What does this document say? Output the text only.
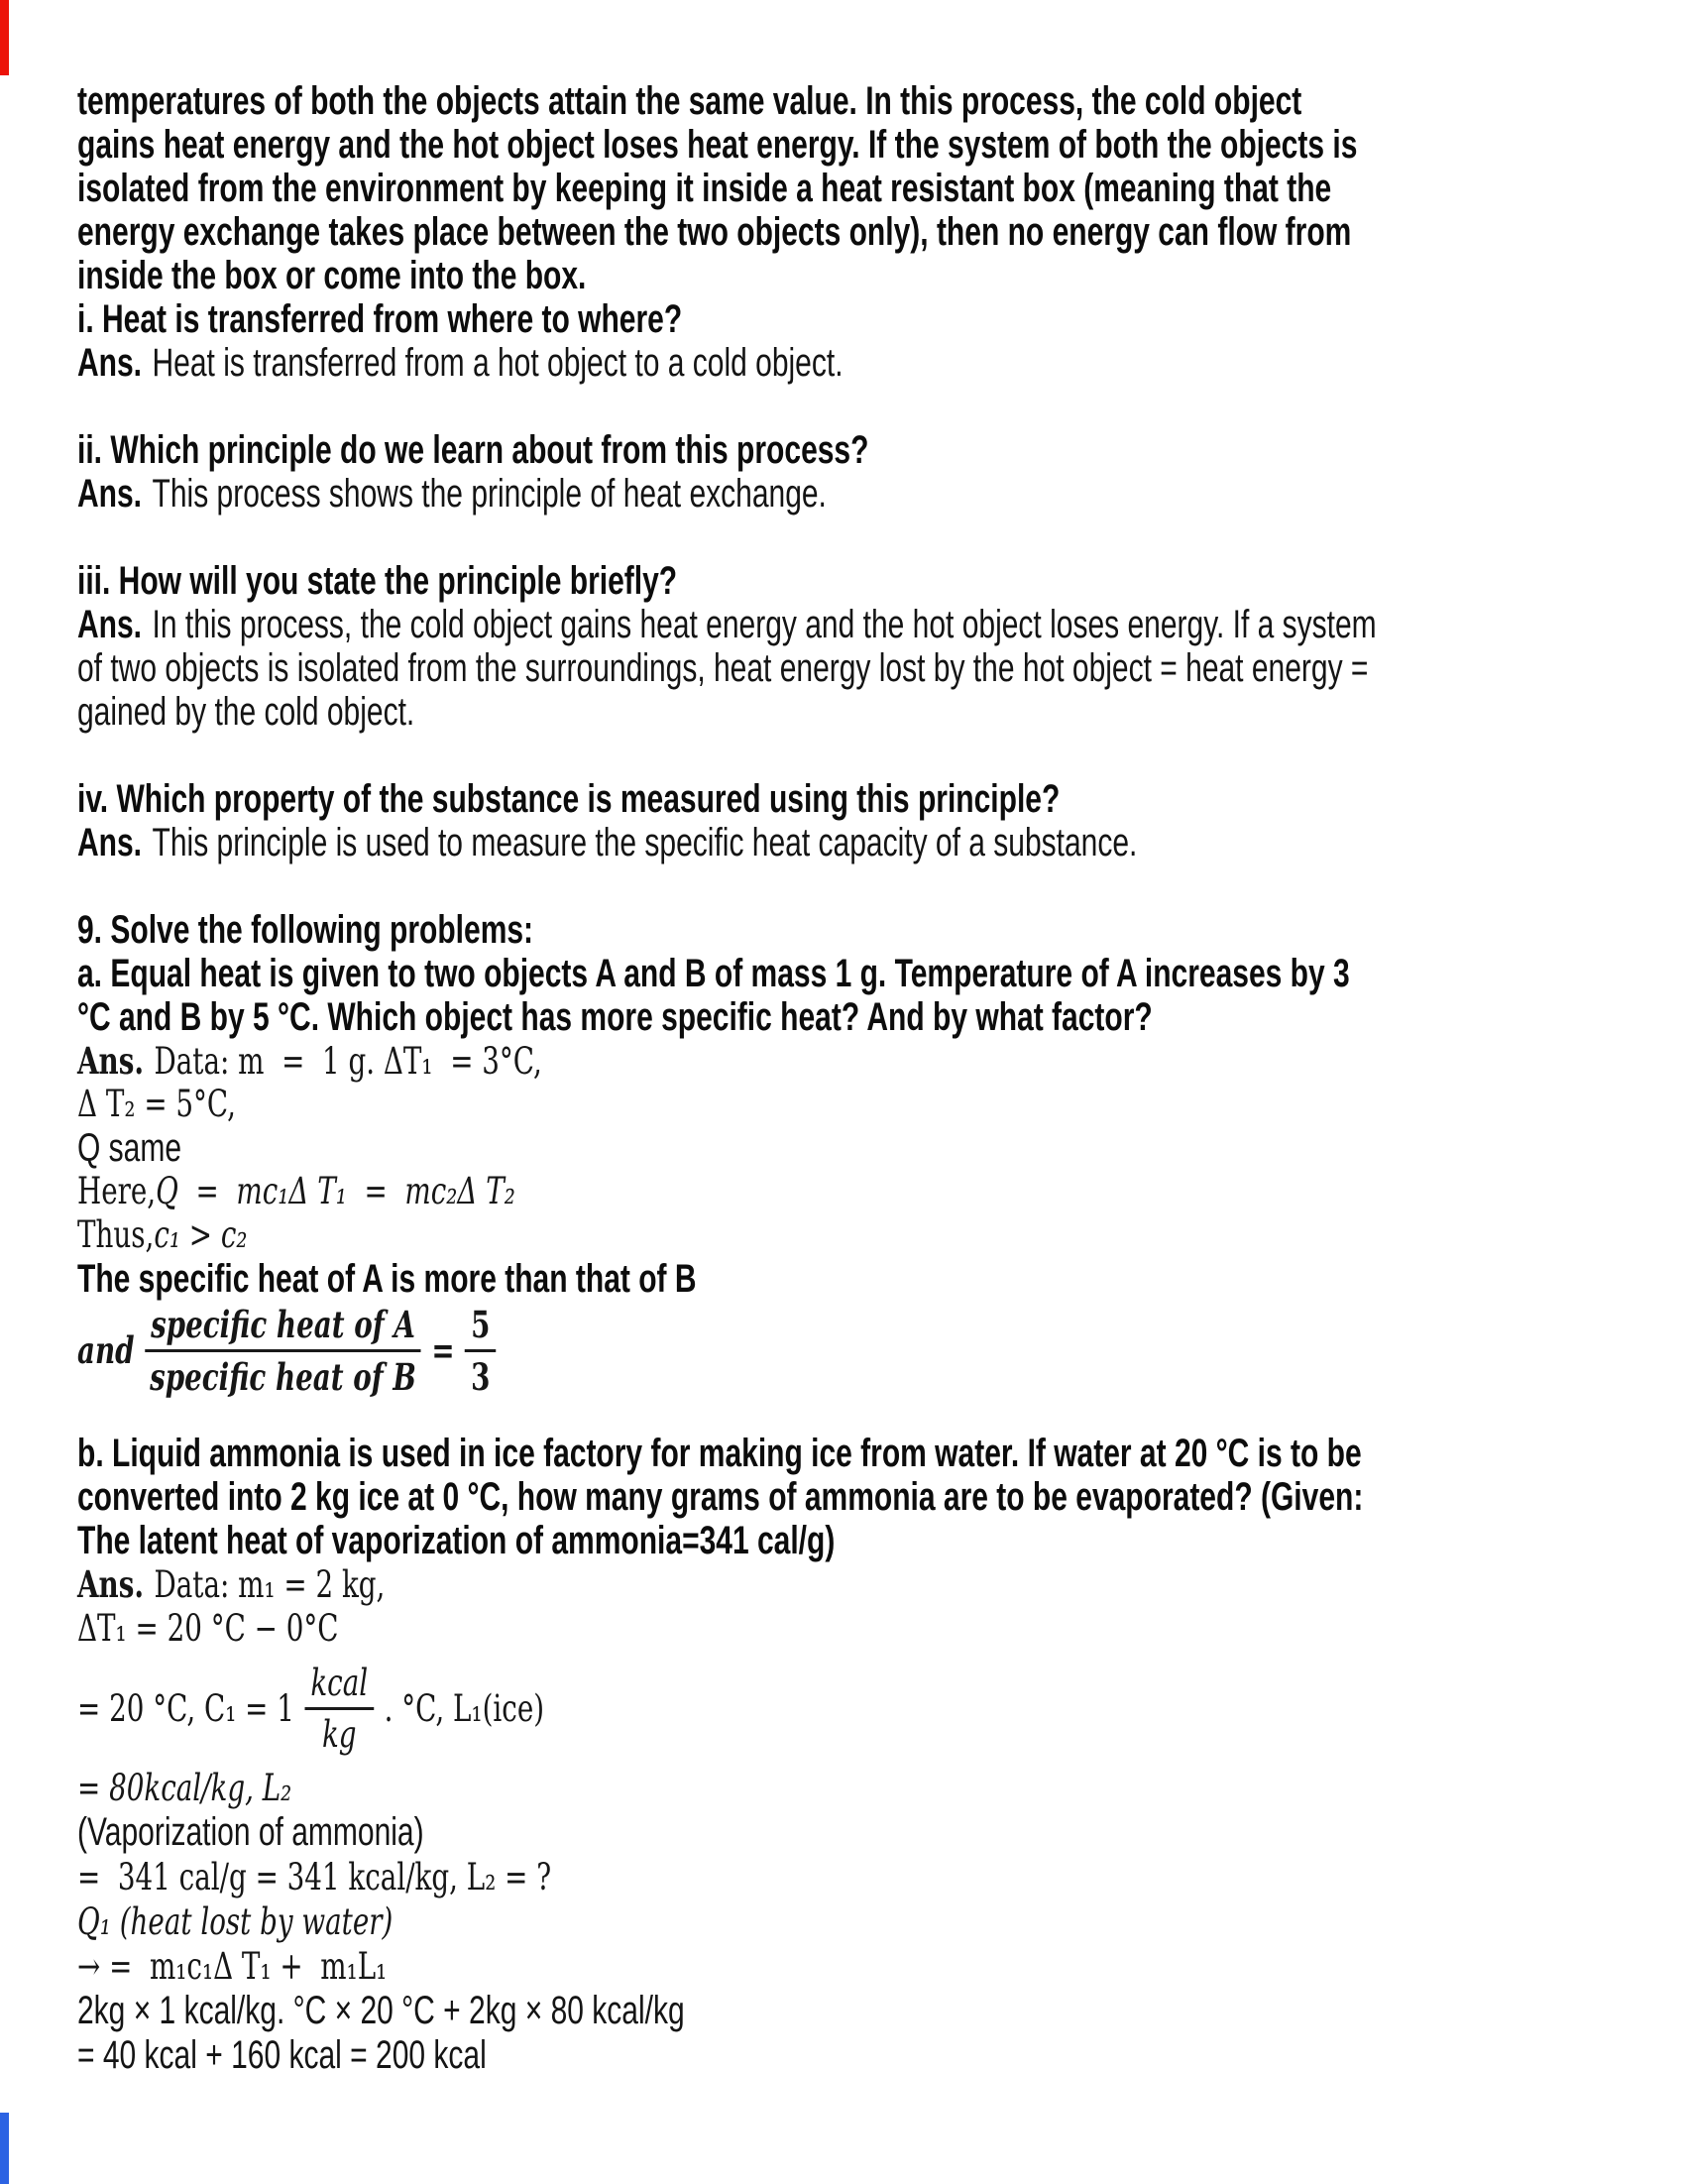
temperatures of both the objects attain the same value. In this process, the cold object
gains heat energy and the hot object loses heat energy. If the system of both the objects is
isolated from the environment by keeping it inside a heat resistant box (meaning that the
energy exchange takes place between the two objects only), then no energy can flow from
inside the box or come into the box.
i. Heat is transferred from where to where?
Ans. Heat is transferred from a hot object to a cold object.
ii. Which principle do we learn about from this process?
Ans. This process shows the principle of heat exchange.
iii. How will you state the principle briefly?
Ans. In this process, the cold object gains heat energy and the hot object loses energy. If a system
of two objects is isolated from the surroundings, heat energy lost by the hot object = heat energy =
gained by the cold object.
iv. Which property of the substance is measured using this principle?
Ans. This principle is used to measure the specific heat capacity of a substance.
9. Solve the following problems:
a. Equal heat is given to two objects A and B of mass 1 g. Temperature of A increases by 3
°C and B by 5 °C. Which object has more specific heat? And by what factor?
Ans. Data: m  =  1 g. ΔT₁  = 3°C,
Δ T₂ = 5°C,
Q same
Here,Q  =  mc₁Δ T₁  =  mc₂Δ T₂
Thus,c₁ > c₂
The specific heat of A is more than that of B
and $\frac{\text{specific heat of A}}{\text{specific heat of B}} = \frac{5}{3}$
b. Liquid ammonia is used in ice factory for making ice from water. If water at 20 °C is to be
converted into 2 kg ice at 0 °C, how many grams of ammonia are to be evaporated? (Given:
The latent heat of vaporization of ammonia=341 cal/g)
Ans. Data: m₁ = 2 kg,
ΔT₁ = 20 °C − 0°C
= 20 °C, $C_1 = 1 \frac{\text{kcal}}{kg}$ . °C, L₁(ice)
= 80kcal/kg, L₂
(Vaporization of ammonia)
=  341 cal/g = 341 kcal/kg, L₂ = ?
Q₁ (heat lost by water)
→ =  m₁c₁Δ T₁ +  m₁L₁
2kg × 1 kcal/kg. °C × 20 °C + 2kg × 80 kcal/kg
= 40 kcal + 160 kcal = 200 kcal
